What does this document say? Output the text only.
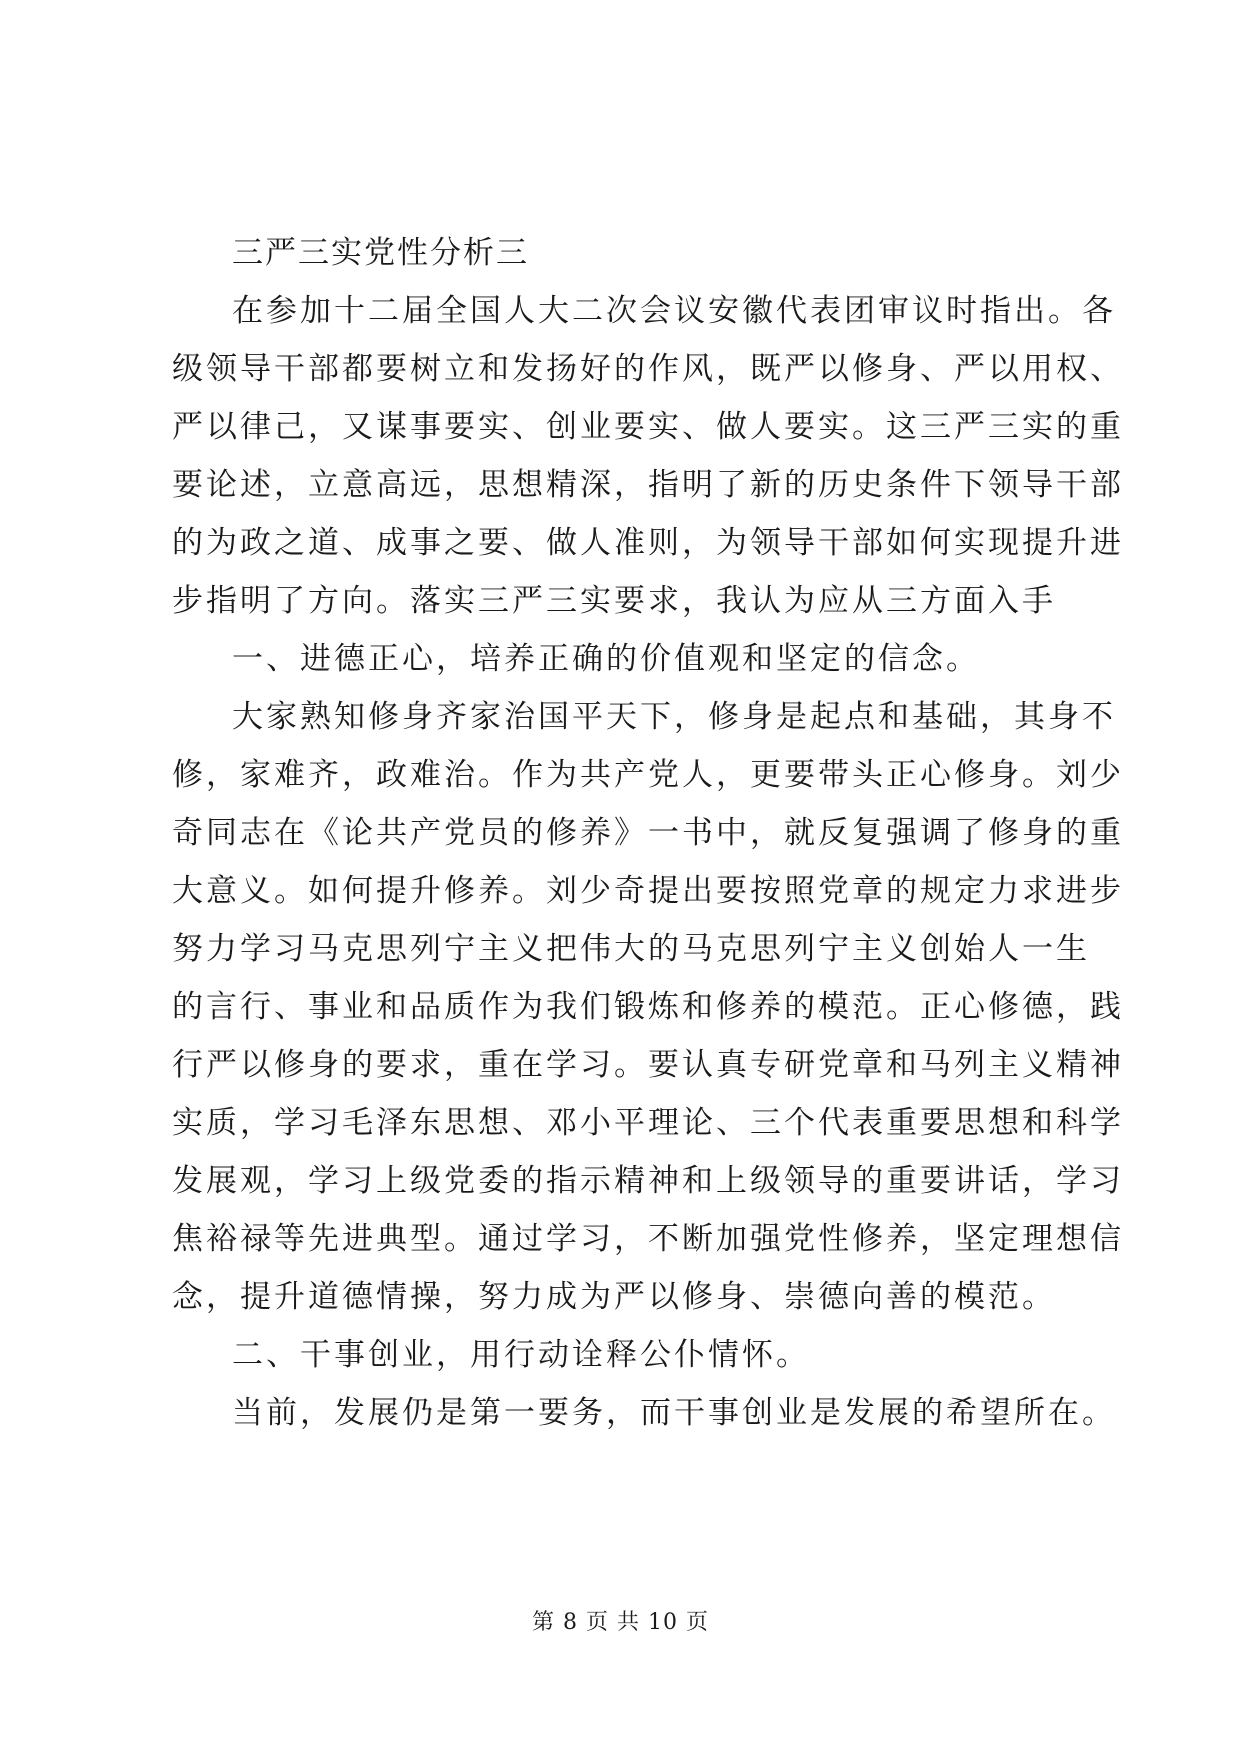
三严三实党性分析三

在参加十二届全国人大二次会议安徽代表团审议时指出。各
级领导干部都要树立和发扬好的作风，既严以修身、严以用权、
严以律己，又谋事要实、创业要实、做人要实。这三严三实的重
要论述，立意高远，思想精深，指明了新的历史条件下领导干部
的为政之道、成事之要、做人准则，为领导干部如何实现提升进
步指明了方向。落实三严三实要求，我认为应从三方面入手
一、进德正心，培养正确的价值观和坚定的信念。
大家熟知修身齐家治国平天下，修身是起点和基础，其身不
修，家难齐，政难治。作为共产党人，更要带头正心修身。刘少
奇同志在《论共产党员的修养》一书中，就反复强调了修身的重
大意义。如何提升修养。刘少奇提出要按照党章的规定力求进步
努力学习马克思列宁主义把伟大的马克思列宁主义创始人一生
的言行、事业和品质作为我们锻炼和修养的模范。正心修德，践
行严以修身的要求，重在学习。要认真专研党章和马列主义精神
实质，学习毛泽东思想、邓小平理论、三个代表重要思想和科学
发展观，学习上级党委的指示精神和上级领导的重要讲话，学习
焦裕禄等先进典型。通过学习，不断加强党性修养，坚定理想信
念，提升道德情操，努力成为严以修身、崇德向善的模范。
二、干事创业，用行动诠释公仆情怀。
当前，发展仍是第一要务，而干事创业是发展的希望所在。
第 8 页 共 10 页
